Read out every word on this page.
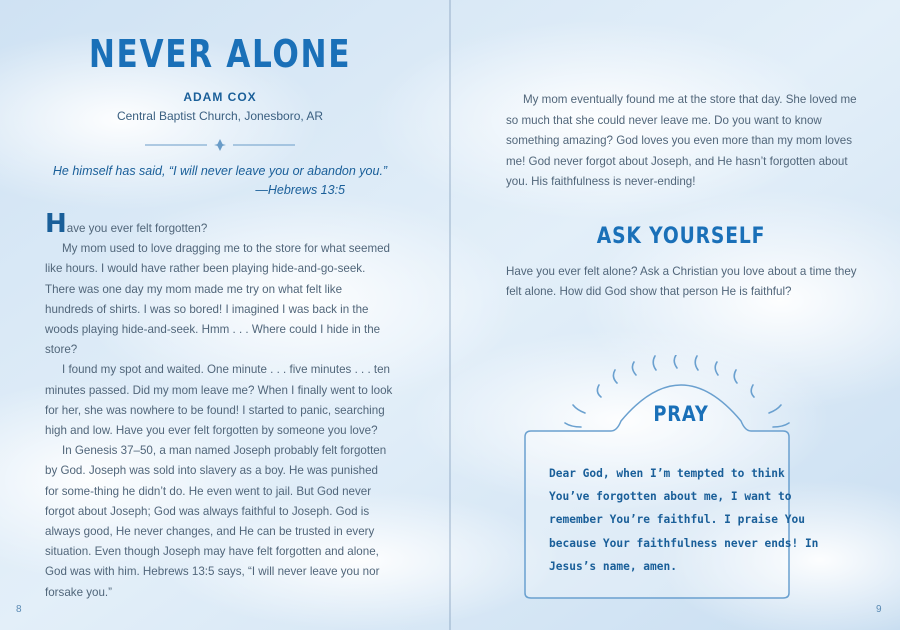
NEVER ALONE
ADAM COX
Central Baptist Church, Jonesboro, AR
He himself has said, “I will never leave you or abandon you.”
—Hebrews 13:5

Have you ever felt forgotten?

My mom used to love dragging me to the store for what seemed like hours. I would have rather been playing hide-and-go-seek. There was one day my mom made me try on what felt like hundreds of shirts. I was so bored! I imagined I was back in the woods playing hide-and-seek. Hmm . . . Where could I hide in the store?

I found my spot and waited. One minute . . . five minutes . . . ten minutes passed. Did my mom leave me? When I finally went to look for her, she was nowhere to be found! I started to panic, searching high and low. Have you ever felt forgotten by someone you love?

In Genesis 37–50, a man named Joseph probably felt forgotten by God. Joseph was sold into slavery as a boy. He was punished for some-thing he didn’t do. He even went to jail. But God never forgot about Joseph; God was always faithful to Joseph. God is always good, He never changes, and He can be trusted in every situation. Even though Joseph may have felt forgotten and alone, God was with him. Hebrews 13:5 says, “I will never leave you nor forsake you.”

8

My mom eventually found me at the store that day. She loved me so much that she could never leave me. Do you want to know something amazing? God loves you even more than my mom loves me! God never forgot about Joseph, and He hasn’t forgotten about you. His faithfulness is never-ending!

ASK YOURSELF
Have you ever felt alone? Ask a Christian you love about a time they felt alone. How did God show that person He is faithful?
PRAY
Dear God, when I’m tempted to think You’ve forgotten about me, I want to remember You’re faithful. I praise You because Your faithfulness never ends! In Jesus’s name, amen.
9
